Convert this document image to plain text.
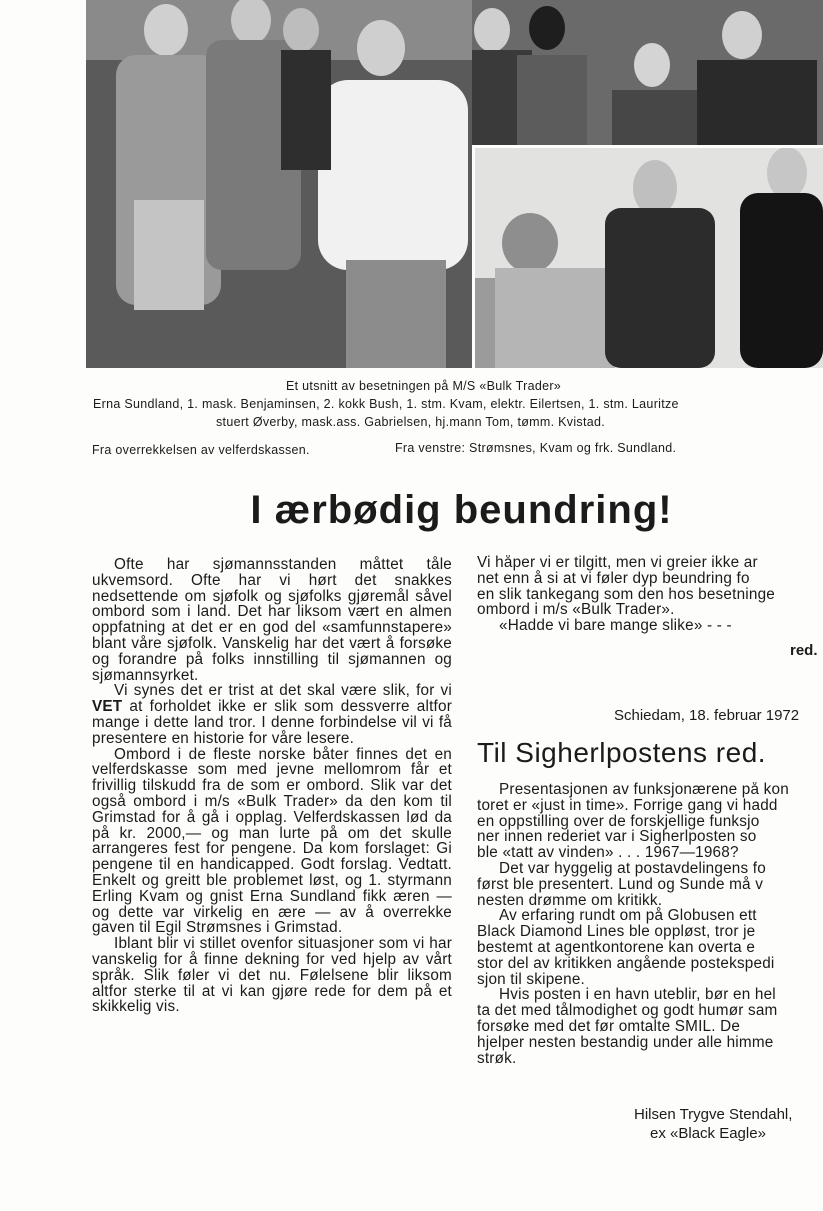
Et utsnitt av besetningen på M/S «Bulk Trader»
Erna Sundland, 1. mask. Benjaminsen, 2. kokk Bush, 1. stm. Kvam, elektr. Eilertsen, 1. stm. Lauritze
stuert Øverby, mask.ass. Gabrielsen, hj.mann Tom, tømm. Kvistad.
Fra overrekkelsen av velferdskassen.	Fra venstre: Strømsnes, Kvam og frk. Sundland.
I ærbødig beundring!

Ofte har sjømannsstanden måttet tåle ukvemsord. Ofte har vi hørt det snakkes nedsettende om sjøfolk og sjøfolks gjøremål såvel ombord som i land. Det har liksom vært en almen oppfatning at det er en god del «samfunnstapere» blant våre sjøfolk. Vanskelig har det vært å forsøke og forandre på folks innstilling til sjømannen og sjømannsyrket.

Vi synes det er trist at det skal være slik, for vi VET at forholdet ikke er slik som dessverre altfor mange i dette land tror. I denne forbindelse vil vi få presentere en historie for våre lesere.

Ombord i de fleste norske båter finnes det en velferdskasse som med jevne mellomrom får et frivillig tilskudd fra de som er ombord. Slik var det også ombord i m/s «Bulk Trader» da den kom til Grimstad for å gå i opplag. Velferdskassen lød da på kr. 2000,— og man lurte på om det skulle arrangeres fest for pengene. Da kom forslaget: Gi pengene til en handicapped. Godt forslag. Vedtatt. Enkelt og greitt ble problemet løst, og 1. styrmann Erling Kvam og gnist Erna Sundland fikk æren — og dette var virkelig en ære — av å overrekke gaven til Egil Strømsnes i Grimstad.

Iblant blir vi stillet ovenfor situasjoner som vi har vanskelig for å finne dekning for ved hjelp av vårt språk. Slik føler vi det nu. Følelsene blir liksom altfor sterke til at vi kan gjøre rede for dem på et skikkelig vis.

Vi håper vi er tilgitt, men vi greier ikke ar
net enn å si at vi føler dyp beundring fo
en slik tankegang som den hos besetninge
ombord i m/s «Bulk Trader».
«Hadde vi bare mange slike» - - -
red.
Schiedam, 18. februar 1972
Til Sigherlpostens red.
Presentasjonen av funksjonærene på kon
toret er «just in time». Forrige gang vi hadd
en oppstilling over de forskjellige funksjo
ner innen rederiet var i Sigherlposten so
ble «tatt av vinden» . . . 1967—1968?
Det var hyggelig at postavdelingens fo
først ble presentert. Lund og Sunde må v
nesten drømme om kritikk.
Av erfaring rundt om på Globusen ett
Black Diamond Lines ble oppløst, tror je
bestemt at agentkontorene kan overta e
stor del av kritikken angående postekspedi
sjon til skipene.
Hvis posten i en havn uteblir, bør en hel
ta det med tålmodighet og godt humør sam
forsøke med det før omtalte SMIL. De
hjelper nesten bestandig under alle himme
strøk.
Hilsen Trygve Stendahl,
ex «Black Eagle»
